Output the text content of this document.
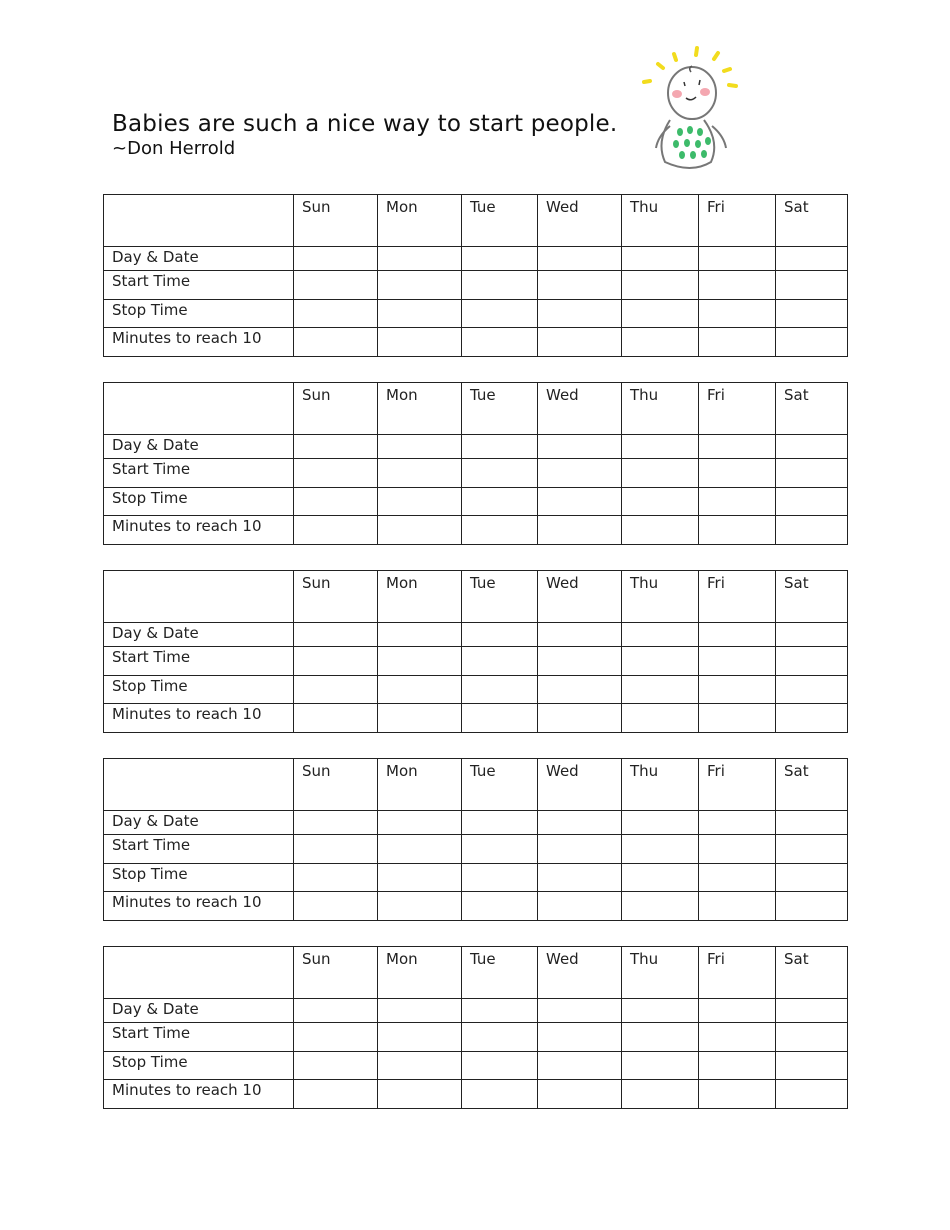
Babies are such a nice way to start people.
~Don Herrold
	Sun	Mon	Tue	Wed	Thu	Fri	Sat
Day & Date							
Start Time							
Stop Time							
Minutes to reach 10							
	Sun	Mon	Tue	Wed	Thu	Fri	Sat
Day & Date							
Start Time							
Stop Time							
Minutes to reach 10							
	Sun	Mon	Tue	Wed	Thu	Fri	Sat
Day & Date							
Start Time							
Stop Time							
Minutes to reach 10							
	Sun	Mon	Tue	Wed	Thu	Fri	Sat
Day & Date							
Start Time							
Stop Time							
Minutes to reach 10							
	Sun	Mon	Tue	Wed	Thu	Fri	Sat
Day & Date							
Start Time							
Stop Time							
Minutes to reach 10							
